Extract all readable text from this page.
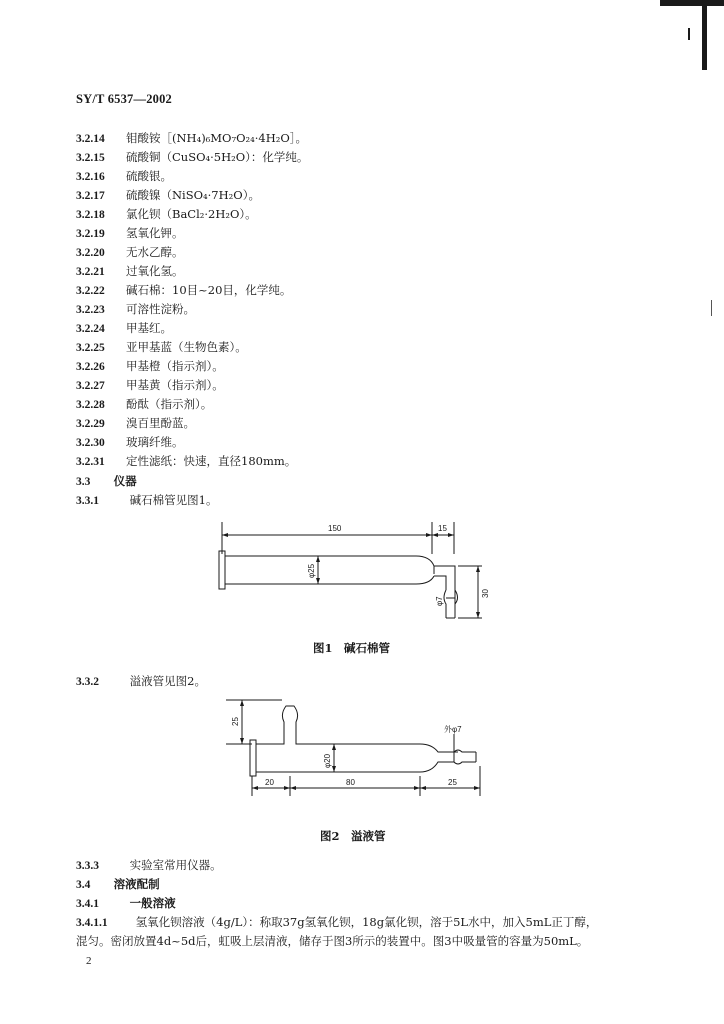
SY/T 6537—2002
3.2.14 钼酸铵［(NH₄)₆MO₇O₂₄·4H₂O］。
3.2.15 硫酸铜（CuSO₄·5H₂O）：化学纯。
3.2.16 硫酸银。
3.2.17 硫酸镍（NiSO₄·7H₂O）。
3.2.18 氯化钡（BaCl₂·2H₂O）。
3.2.19 氢氧化钾。
3.2.20 无水乙醇。
3.2.21 过氧化氢。
3.2.22 碱石棉：10目~20目，化学纯。
3.2.23 可溶性淀粉。
3.2.24 甲基红。
3.2.25 亚甲基蓝（生物色素）。
3.2.26 甲基橙（指示剂）。
3.2.27 甲基黄（指示剂）。
3.2.28 酚酞（指示剂）。
3.2.29 溴百里酚蓝。
3.2.30 玻璃纤维。
3.2.31 定性滤纸：快速，直径180mm。
3.3 仪器
3.3.1	碱石棉管见图1。
150	15
φ25
φ7
30
图1　碱石棉管
3.3.2	溢液管见图2。
25
外φ7
φ20
20	80	25
图2　溢液管
3.3.3	实验室常用仪器。
3.4 溶液配制
3.4.1	一般溶液
3.4.1.1 氢氧化钡溶液（4g/L）：称取37g氢氧化钡，18g氯化钡，溶于5L水中，加入5mL正丁醇，
混匀。密闭放置4d~5d后，虹吸上层清液，储存于图3所示的装置中。图3中吸量管的容量为50mL。
2
